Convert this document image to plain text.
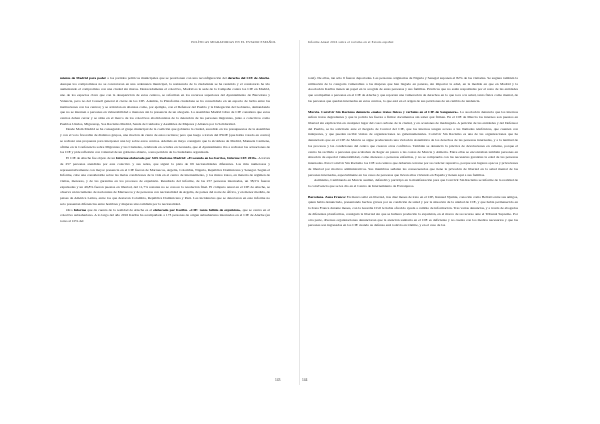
POLÍTICAS MIGRATORIAS EN EL ESTADO ESPAÑOL

miento de Madrid para poder a los partidos políticos municipales que se posicionen con una reconfiguración del derecho del CIE de Aluche. Aunque los compromisos no se concretaron en una ordenanza municipal, la resistencia de la ciudadanía se ha resistido y el consistorio ha ido aumentando el compromiso con una ciudad sin muros. Destacadamente el colectivo, Madrid es la sede de la Campaña contra los CIE en Madrid, uno de los espacios clave que con la desaparición de estos centros, se reforman en los recursos superiores del Ayuntamiento de Barcelona y Valencia, pero no del Consell general al cierre de los CIE. Además, la Plataforma ciudadana se ha consolidado en un espacio de lucha entre las instituciones con los centros; y se articulan en alianzas como, por ejemplo, con el Defensor del Pueblo y la Delegación del Gobierno, demandando que no se internen a personas en vulnerabilidad o menores sin la presencia de un abogado. La Asamblea Madrid Libre de CIE considera que estos centros deben cerrar y se sitúa en el marco de los colectivos abolicionistas de la detención de las personas migrantes, junto a colectivos como Pueblos Unidos, Migreurop, Sos Racismo Madrid, Senda de Cuidados y Asamblea de Mujeres y Alianza por la Solidaridad.

Desde Mom Madrid se ha conseguido al grupo municipal de la coalición que gobierna la ciudad, sucedido en los presupuestos de la Asamblea y con el voto favorable de distintos grupos, una moción de cierre de estos recintos; pero que luego a través del PSOE (que había votado en contra) se rechazó una propuesta para interponer una ley sobre estos centros. Además en mayo consiguió que la alcaldesa de Madrid, Manuela Carmena, afirme en la Conferencia sobre Migrantes y las Ciudades, celebrada en octubre en Granada, que el Ayuntamiento iba a rechazar las actuaciones de los CIE y pide reflexión con voluntad de un gobierno abierto, a una petición de la ciudadanía organizada.

El CIE de Aluche fue objeto de un Informe elaborado por SOS Racismo Madrid: «Evocando en los barrios, Informe CIE 2016». A través de 257 personas atendidas por este colectivo y sus redes, que siguió la pista de 69 nacionalidades diferentes. Las más numerosas y representativamente con mayor presencia en el CIE fueron de Marruecos, Argelia, Colombia, Nigeria, República Dominicana y Senegal. Según el Informe, cabe una considerable sobre las malas condiciones de la vida en el centro de internamiento, y los malos tratos, en materia de régimen de visitas, menores, y de las garantías en los procesos de expulsión. Resultado del informe, de las 257 personas internadas, un 38,5% fueron expulsadas y un 49,8% fueron puestas en libertad, del 11,7% restante no se conoce la resolución final. El cómputo anual en el CIE de Aluche, se observa un incremento de nacionales de Marruecos y de personas con nacionalidad de Argelia, de países del norte de África, y en menor medida, de países de América Latina, entre los que destacan Colombia, República Dominicana y Perú. Las incidencias que se detectaron en este informe no solo presentan diferencias entre hombres y mujeres sino también por la nacionalidad.

Otro Informe que da cuenta de la realidad de Aluche es el elaborado por Karibu. «CIE: tanto fallido de expulsión», que se centra en el colectivo subsahariano. A lo largo del año 2016 Karibu ha acompañado a 173 personas de origen subsahariano internados en el CIE de Aluche (en torno al 10% del

143
Informe Anual 2016 sobre el racismo en el Estado español

total). De ellas, tan sólo 6 fueron deportadas. Las personas originarias de Nigeria y Senegal suponen el 82% de las visitadas. Se sugiere también la utilización de la categoría vulnerables a las mujeres que han llegado en pateras, sin importar la edad, en la medida en que en Madrid y la Asociación Karibu tienen un papel en la acogida de estas personas y sus familias. Prácticas que no están respaldadas por el resto de las entidades que acompañan a personas en el CIE de Aluche y que reportan una vulneración de derechos en lo que toca a la salud, tanto física como mental, de las personas que quedan internadas en estos centros, lo que está en el origen de sus peticiones de un cambio de tendencia.

Murcia. Convivir Sin Racismo denuncia «malos tratos físicos y verbales en el CIE de Sangonera». La asociación denuncia que los internos sufren tratos degradantes y que la policía les fuerza a firmar documentos sin saber qué firman. En el CIE de Murcia los internos son puestos en libertad sin explicación en cualquier lugar del casco urbano de la ciudad, y en ocasiones de madrugada. A petición de las entidades y del Defensor del Pueblo, se ha solicitado ante el Juzgado de Control del CIE, que los internos tengan acceso a las llamadas telefónicas, que cuenten con intérpretes, y que puedan recibir visitas de organizaciones no gubernamentales. Convivir Sin Racismo es una de las organizaciones que ha denunciado que en el CIE de Murcia se sigue produciendo una violación sistemática de los derechos de las personas internadas, y a la lentitud de los procesos y las condiciones del centro que crearon otras conflictos. También se denunció la práctica de devoluciones en caliente, porque el centro ha recibido a personas que acababan de llegar en patera a las costas de Murcia y Almería. Entre ellas se encontraban también personas en situación de especial vulnerabilidad, como menores o personas enfermas, y no se comprueba con las necesarias garantías la edad de las personas internadas. Para Convivir Sin Racismo los CIE son centros que deberían cerrarse por su carácter represivo, porque son lugares opacos y privaciones de libertad por motivos administrativos. Sus miembros señalan las consecuencias que tiene la privación de libertad en la salud mental de las personas internadas, especialmente en los casos de personas que llevan años viviendo en España y tienen aquí a sus familias.

Asimismo, Cambiando en Murcia asumió, defendió y participó en la manifestación para que Convivir Sin Racismo se informe de la realidad de la convivencia que se les dio en el Centro de Internamiento de Extranjeros.

Barcelona. Zona Franca: En marzo salió en libertad, tras diez meses de trato en el CIE, Renaud Njamie, conocido como Bellotti entre sus amigos, quien había denunciado, presentando hechos graves por su condición de salud y por la situación de la unidad de CIE, y que había permanecido en la Zona Franca durante meses, con la Guardia Civil le había ofrecido ayuda a cambio de información. Tras varias denuncias, y a través de abogados de diferentes plataformas, consiguió la libertad sin que se hubiera producido la expulsión, en el marco de su recurso ante el Tribunal Supremo. Por otra parte, diversas organizaciones denunciaron que la atención sanitaria en el CIE es deficiente y no cuenta con los medios necesarios y que las personas son ingresadas en los CIE cuando su defensa está todavía en trámite, y en el caso de las

144
